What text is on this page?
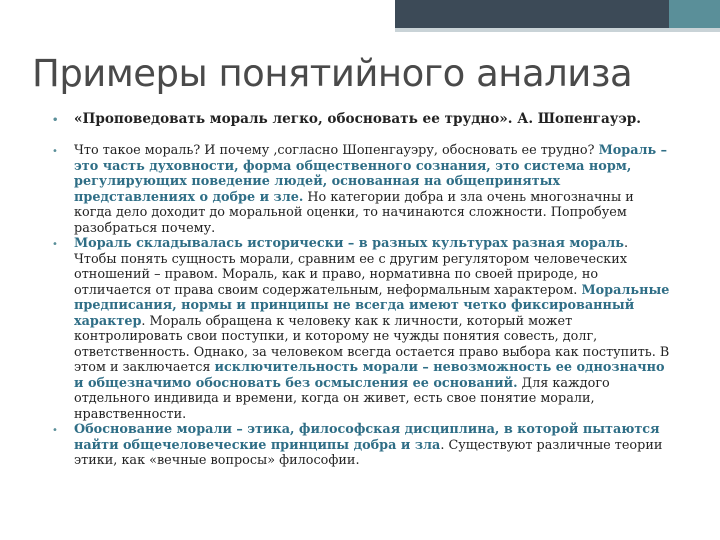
Примеры понятийного анализа
•	«Проповедовать мораль легко, обосновать ее трудно». А. Шопенгауэр.
•	Что такое мораль? И почему ,согласно Шопенгауэру, обосновать ее трудно? Мораль – это часть духовности, форма общественного сознания, это система норм, регулирующих поведение людей, основанная на общепринятых представлениях о добре и зле. Но категории добра и зла очень многозначны и когда дело доходит до моральной оценки, то начинаются сложности. Попробуем разобраться почему.
•	Мораль складывалась исторически – в разных культурах разная мораль. Чтобы понять сущность морали, сравним ее с другим регулятором человеческих отношений – правом. Мораль, как и право, нормативна по своей природе, но отличается от права своим содержательным, неформальным характером. Моральные предписания, нормы и принципы не всегда имеют четко фиксированный характер. Мораль обращена к человеку как к личности, который может контролировать свои поступки, и которому не чужды понятия совесть, долг, ответственность. Однако, за человеком всегда остается право выбора как поступить. В этом и заключается исключительность морали – невозможность ее однозначно и общезначимо обосновать без осмысления ее оснований. Для каждого отдельного индивида и времени, когда он живет, есть свое понятие морали, нравственности.
•	Обоснование морали – этика, философская дисциплина, в которой пытаются найти общечеловеческие принципы добра и зла. Существуют различные теории этики, как «вечные вопросы» философии.
